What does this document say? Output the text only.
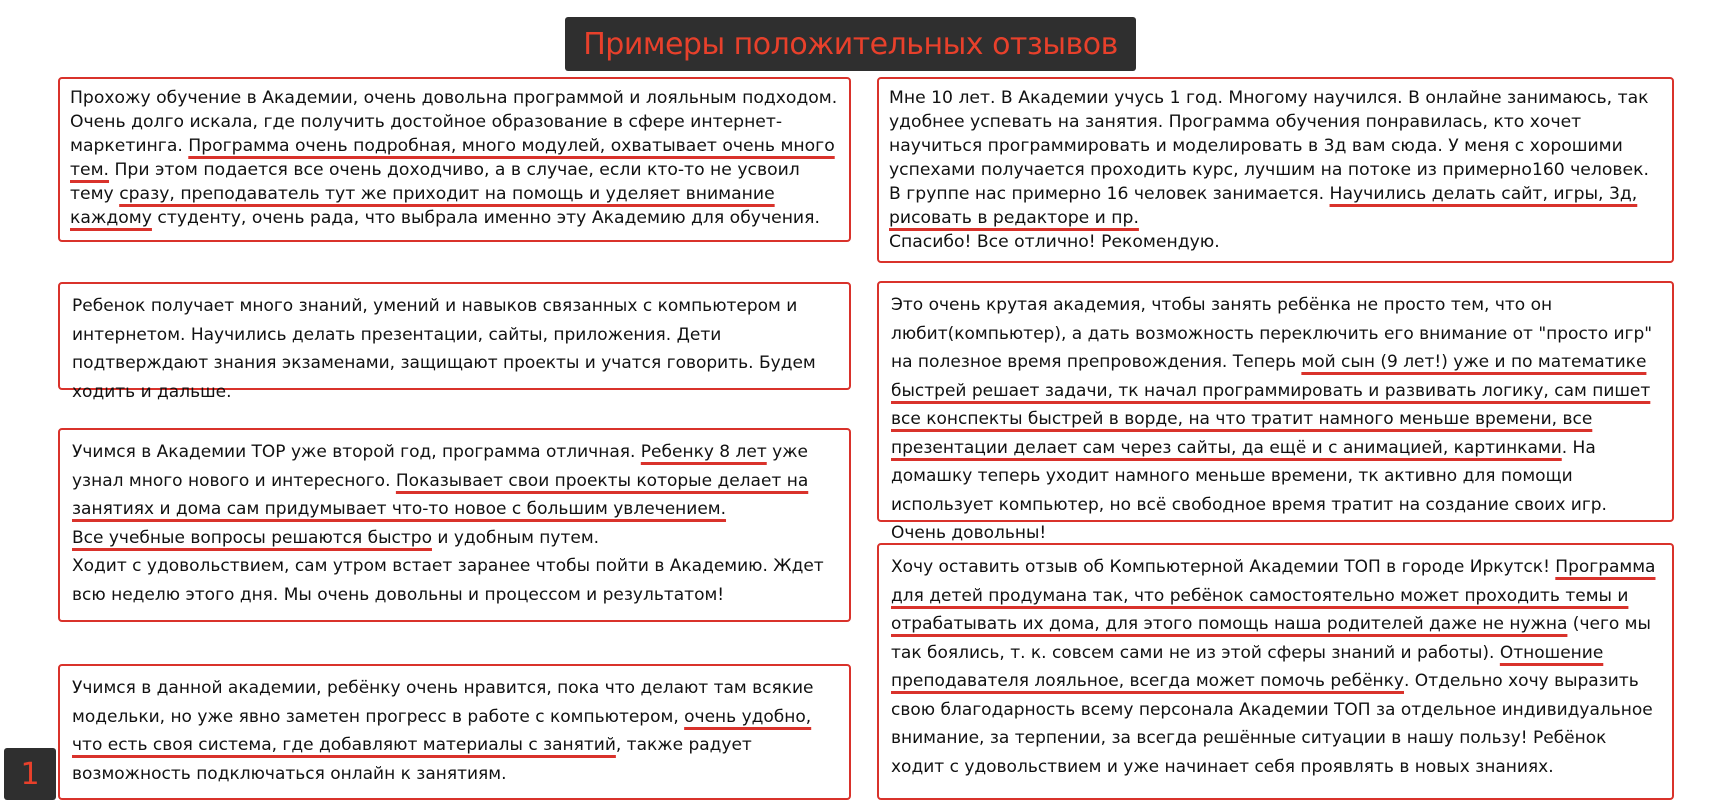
Примеры положительных отзывов

Прохожу обучение в Академии, очень довольна программой и лояльным подходом. Очень долго искала, где получить достойное образование в сфере интернет-маркетинга. Программа очень подробная, много модулей, охватывает очень много тем. При этом подается все очень доходчиво, а в случае, если кто-то не усвоил тему сразу, преподаватель тут же приходит на помощь и уделяет внимание каждому студенту, очень рада, что выбрала именно эту Академию для обучения.

Ребенок получает много знаний, умений и навыков связанных с компьютером и интернетом. Научились делать презентации, сайты, приложения. Дети подтверждают знания экзаменами, защищают проекты и учатся говорить. Будем ходить и дальше.

Учимся в Академии ТОР уже второй год, программа отличная. Ребенку 8 лет уже узнал много нового и интересного. Показывает свои проекты которые делает на занятиях и дома сам придумывает что-то новое с большим увлечением.

Все учебные вопросы решаются быстро и удобным путем.

Ходит с удовольствием, сам утром встает заранее чтобы пойти в Академию. Ждет всю неделю этого дня. Мы очень довольны и процессом и результатом!

Учимся в данной академии, ребёнку очень нравится, пока что делают там всякие модельки, но уже явно заметен прогресс в работе с компьютером, очень удобно, что есть своя система, где добавляют материалы с занятий, также радует возможность подключаться онлайн к занятиям.

Мне 10 лет. В Академии учусь 1 год. Многому научился. В онлайне занимаюсь, так удобнее успевать на занятия. Программа обучения понравилась, кто хочет научиться программировать и моделировать в 3д вам сюда. У меня с хорошими успехами получается проходить курс, лучшим на потоке из примерно160 человек. В группе нас примерно 16 человек занимается. Научились делать сайт, игры, 3д, рисовать в редакторе и пр.

Спасибо! Все отлично! Рекомендую.

Это очень крутая академия, чтобы занять ребёнка не просто тем, что он любит(компьютер), а дать возможность переключить его внимание от "просто игр" на полезное время препровождения. Теперь мой сын (9 лет!) уже и по математике быстрей решает задачи, тк начал программировать и развивать логику, сам пишет все конспекты быстрей в ворде, на что тратит намного меньше времени, все презентации делает сам через сайты, да ещё и с анимацией, картинками. На домашку теперь уходит намного меньше времени, тк активно для помощи использует компьютер, но всё свободное время тратит на создание своих игр. Очень довольны!

Хочу оставить отзыв об Компьютерной Академии ТОП в городе Иркутск! Программа для детей продумана так, что ребёнок самостоятельно может проходить темы и отрабатывать их дома, для этого помощь наша родителей даже не нужна (чего мы так боялись, т. к. совсем сами не из этой сферы знаний и работы). Отношение преподавателя лояльное, всегда может помочь ребёнку. Отдельно хочу выразить свою благодарность всему персонала Академии ТОП за отдельное индивидуальное внимание, за терпении, за всегда решённые ситуации в нашу пользу! Ребёнок ходит с удовольствием и уже начинает себя проявлять в новых знаниях.

1
